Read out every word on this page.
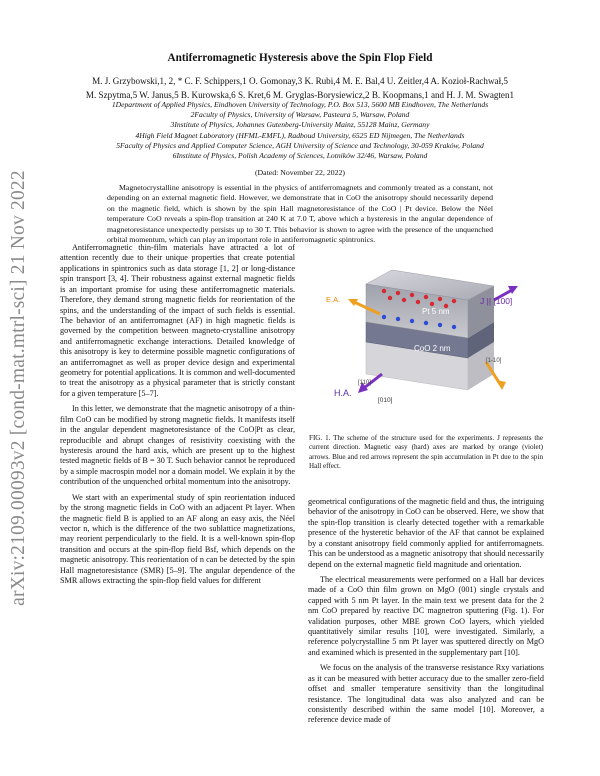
arXiv:2109.00093v2 [cond-mat.mtrl-sci] 21 Nov 2022
Antiferromagnetic Hysteresis above the Spin Flop Field
M. J. Grzybowski,1, 2, * C. F. Schippers,1 O. Gomonay,3 K. Rubi,4 M. E. Bal,4 U. Zeitler,4 A. Kozioł-Rachwał,5
M. Szpytma,5 W. Janus,5 B. Kurowska,6 S. Kret,6 M. Gryglas-Borysiewicz,2 B. Koopmans,1 and H. J. M. Swagten1
1Department of Applied Physics, Eindhoven University of Technology, P.O. Box 513, 5600 MB Eindhoven, The Netherlands
2Faculty of Physics, University of Warsaw, Pasteura 5, Warsaw, Poland
3Institute of Physics, Johannes Gutenberg-University Mainz, 55128 Mainz, Germany
4High Field Magnet Laboratory (HFML-EMFL), Radboud University, 6525 ED Nijmegen, The Netherlands
5Faculty of Physics and Applied Computer Science, AGH University of Science and Technology, 30-059 Kraków, Poland
6Institute of Physics, Polish Academy of Sciences, Lotników 32/46, Warsaw, Poland
(Dated: November 22, 2022)
Magnetocrystalline anisotropy is essential in the physics of antiferromagnets and commonly treated as a constant, not depending on an external magnetic field. However, we demonstrate that in CoO the anisotropy should necessarily depend on the magnetic field, which is shown by the spin Hall magnetoresistance of the CoO | Pt device. Below the Néel temperature CoO reveals a spin-flop transition at 240 K at 7.0 T, above which a hysteresis in the angular dependence of magnetoresistance unexpectedly persists up to 30 T. This behavior is shown to agree with the presence of the unquenched orbital momentum, which can play an important role in antiferromagnetic spintronics.

Antiferromagnetic thin-film materials have attracted a lot of attention recently due to their unique properties that create potential applications in spintronics such as data storage [1, 2] or long-distance spin transport [3, 4]. Their robustness against external magnetic fields is an important promise for using these antiferromagnetic materials. Therefore, they demand strong magnetic fields for reorientation of the spins, and the understanding of the impact of such fields is essential. The behavior of an antiferromagnet (AF) in high magnetic fields is governed by the competition between magneto-crystalline anisotropy and antiferromagnetic exchange interactions. Detailed knowledge of this anisotropy is key to determine possible magnetic configurations of an antiferromagnet as well as proper device design and experimental geometry for potential applications. It is common and well-documented to treat the anisotropy as a physical parameter that is strictly constant for a given temperature [5–7].

In this letter, we demonstrate that the magnetic anisotropy of a thin-film CoO can be modified by strong magnetic fields. It manifests itself in the angular dependent magnetoresistance of the CoO|Pt as clear, reproducible and abrupt changes of resistivity coexisting with the hysteresis around the hard axis, which are present up to the highest tested magnetic fields of B = 30 T. Such behavior cannot be reproduced by a simple macrospin model nor a domain model. We explain it by the contribution of the unquenched orbital momentum into the anisotropy.

We start with an experimental study of spin reorientation induced by the strong magnetic fields in CoO with an adjacent Pt layer. When the magnetic field B is applied to an AF along an easy axis, the Néel vector n, which is the difference of the two sublattice magnetizations, may reorient perpendicularly to the field. It is a well-known spin-flop transition and occurs at the spin-flop field Bsf, which depends on the magnetic anisotropy. This reorientation of n can be detected by the spin Hall magnetoresistance (SMR) [5–9]. The angular dependence of the SMR allows extracting the spin-flop field values for different

Pt 5 nm
CoO 2 nm
E.A.
H.A.
J || [100]
[110]
[010]
[1-10]
FIG. 1. The scheme of the structure used for the experiments. J represents the current direction. Magnetic easy (hard) axes are marked by orange (violet) arrows. Blue and red arrows represent the spin accumulation in Pt due to the spin Hall effect.

geometrical configurations of the magnetic field and thus, the intriguing behavior of the anisotropy in CoO can be observed. Here, we show that the spin-flop transition is clearly detected together with a remarkable presence of the hysteretic behavior of the AF that cannot be explained by a constant anisotropy field commonly applied for antiferromagnets. This can be understood as a magnetic anisotropy that should necessarily depend on the external magnetic field magnitude and orientation.

The electrical measurements were performed on a Hall bar devices made of a CoO thin film grown on MgO (001) single crystals and capped with 5 nm Pt layer. In the main text we present data for the 2 nm CoO prepared by reactive DC magnetron sputtering (Fig. 1). For validation purposes, other MBE grown CoO layers, which yielded quantitatively similar results [10], were investigated. Similarly, a reference polycrystalline 5 nm Pt layer was sputtered directly on MgO and examined which is presented in the supplementary part [10].

We focus on the analysis of the transverse resistance Rxy variations as it can be measured with better accuracy due to the smaller zero-field offset and smaller temperature sensitivity than the longitudinal resistance. The longitudinal data was also analyzed and can be consistently described within the same model [10]. Moreover, a reference device made of
